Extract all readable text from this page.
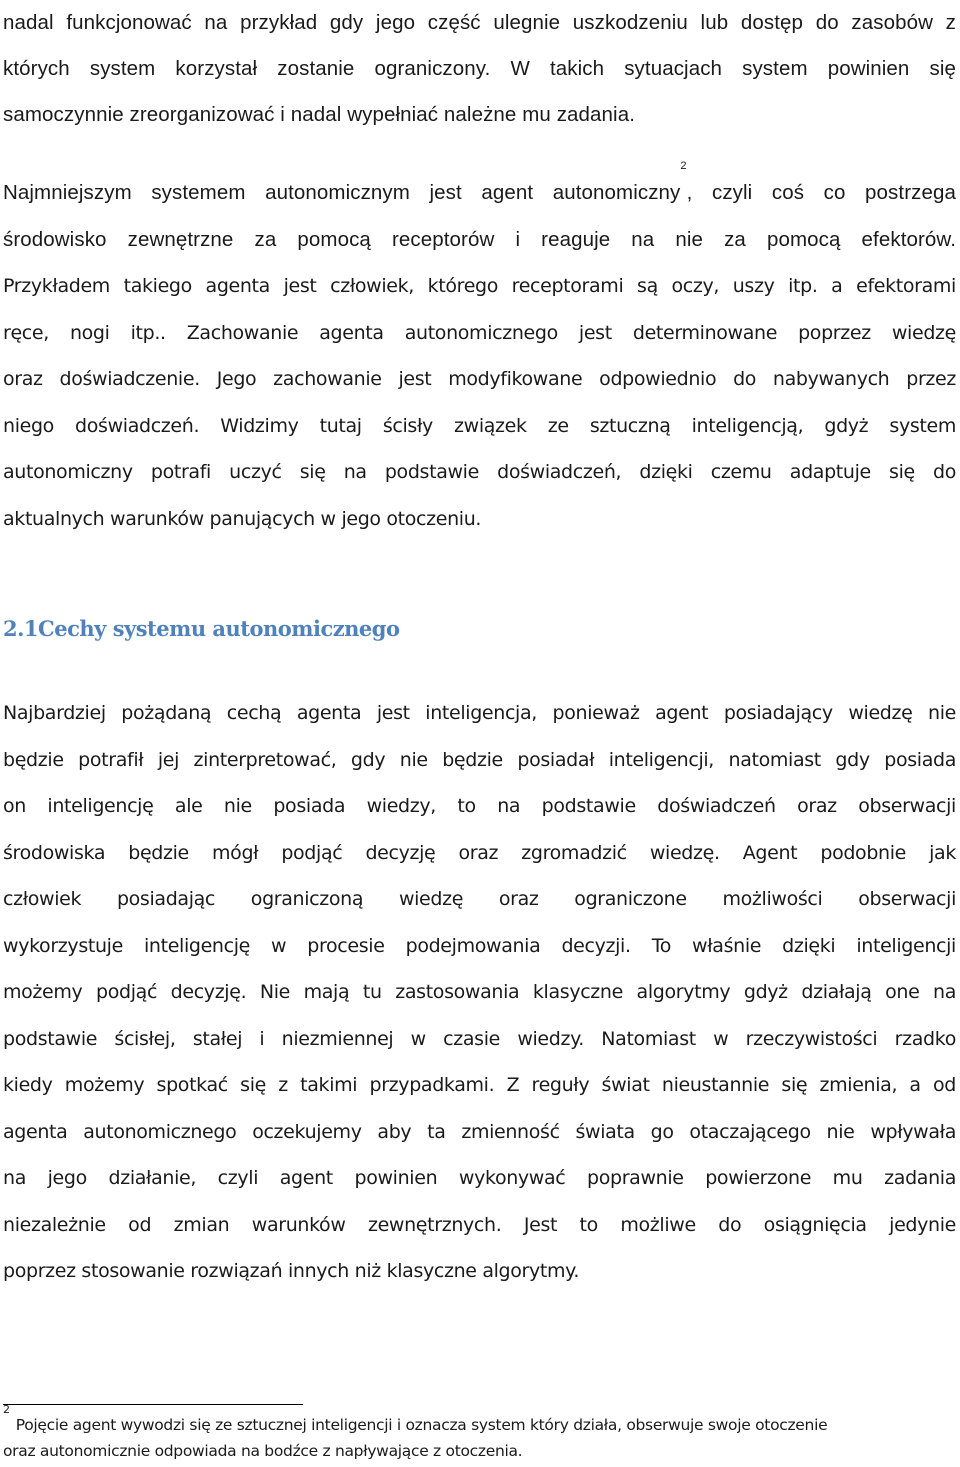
nadal funkcjonować na przykład gdy jego część ulegnie uszkodzeniu lub dostęp do zasobów z
których system korzystał zostanie ograniczony. W takich sytuacjach system powinien się
samoczynnie zreorganizować i nadal wypełniać należne mu zadania.
Najmniejszym systemem autonomicznym jest agent autonomiczny$^2$, czyli coś co postrzega
środowisko zewnętrzne za pomocą receptorów i reaguje na nie za pomocą efektorów.
Przykładem takiego agenta jest człowiek, którego receptorami są oczy, uszy itp. a efektorami
ręce, nogi itp.. Zachowanie agenta autonomicznego jest determinowane poprzez wiedzę
oraz doświadczenie. Jego zachowanie jest modyfikowane odpowiednio do nabywanych przez
niego doświadczeń. Widzimy tutaj ścisły związek ze sztuczną inteligencją, gdyż system
autonomiczny potrafi uczyć się na podstawie doświadczeń, dzięki czemu adaptuje się do
aktualnych warunków panujących w jego otoczeniu.
2.1Cechy systemu autonomicznego
Najbardziej pożądaną cechą agenta jest inteligencja, ponieważ agent posiadający wiedzę nie
będzie potrafił jej zinterpretować, gdy nie będzie posiadał inteligencji, natomiast gdy posiada
on inteligencję ale nie posiada wiedzy, to na podstawie doświadczeń oraz obserwacji
środowiska będzie mógł podjąć decyzję oraz zgromadzić wiedzę. Agent podobnie jak
człowiek posiadając ograniczoną wiedzę oraz ograniczone możliwości obserwacji
wykorzystuje inteligencję w procesie podejmowania decyzji. To właśnie dzięki inteligencji
możemy podjąć decyzję. Nie mają tu zastosowania klasyczne algorytmy gdyż działają one na
podstawie ścisłej, stałej i niezmiennej w czasie wiedzy. Natomiast w rzeczywistości rzadko
kiedy możemy spotkać się z takimi przypadkami. Z reguły świat nieustannie się zmienia, a od
agenta autonomicznego oczekujemy aby ta zmienność świata go otaczającego nie wpływała
na jego działanie, czyli agent powinien wykonywać poprawnie powierzone mu zadania
niezależnie od zmian warunków zewnętrznych. Jest to możliwe do osiągnięcia jedynie
poprzez stosowanie rozwiązań innych niż klasyczne algorytmy.
$^2$Pojęcie agent wywodzi się ze sztucznej inteligencji i oznacza system który działa, obserwuje swoje otoczenie
oraz autonomicznie odpowiada na bodźce z napływające z otoczenia.
